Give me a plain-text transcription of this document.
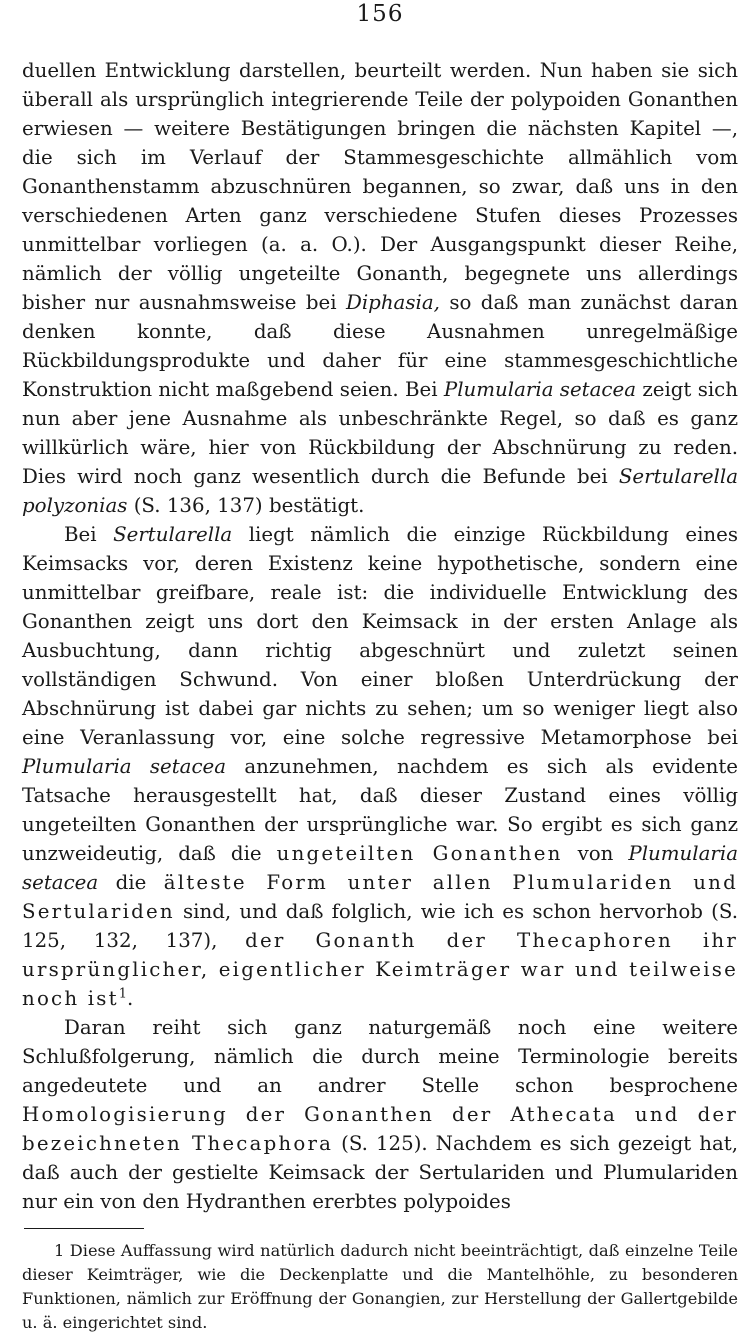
156

duellen Entwicklung darstellen, beurteilt werden. Nun haben sie sich überall als ursprünglich integrierende Teile der polypoiden Gonanthen erwiesen — weitere Bestätigungen bringen die nächsten Kapitel —, die sich im Verlauf der Stammesgeschichte allmählich vom Gonanthenstamm abzuschnüren begannen, so zwar, daß uns in den verschiedenen Arten ganz verschiedene Stufen dieses Prozesses unmittelbar vorliegen (a. a. O.). Der Ausgangspunkt dieser Reihe, nämlich der völlig ungeteilte Gonanth, begegnete uns allerdings bisher nur ausnahmsweise bei Diphasia, so daß man zunächst daran denken konnte, daß diese Ausnahmen unregelmäßige Rückbildungsprodukte und daher für eine stammesgeschichtliche Konstruktion nicht maßgebend seien. Bei Plumularia setacea zeigt sich nun aber jene Ausnahme als unbeschränkte Regel, so daß es ganz willkürlich wäre, hier von Rückbildung der Abschnürung zu reden. Dies wird noch ganz wesentlich durch die Befunde bei Sertularella polyzonias (S. 136, 137) bestätigt.

Bei Sertularella liegt nämlich die einzige Rückbildung eines Keimsacks vor, deren Existenz keine hypothetische, sondern eine unmittelbar greifbare, reale ist: die individuelle Entwicklung des Gonanthen zeigt uns dort den Keimsack in der ersten Anlage als Ausbuchtung, dann richtig abgeschnürt und zuletzt seinen vollständigen Schwund. Von einer bloßen Unterdrückung der Abschnürung ist dabei gar nichts zu sehen; um so weniger liegt also eine Veranlassung vor, eine solche regressive Metamorphose bei Plumularia setacea anzunehmen, nachdem es sich als evidente Tatsache herausgestellt hat, daß dieser Zustand eines völlig ungeteilten Gonanthen der ursprüngliche war. So ergibt es sich ganz unzweideutig, daß die ungeteilten Gonanthen von Plumularia setacea die älteste Form unter allen Plumulariden und Sertulariden sind, und daß folglich, wie ich es schon hervorhob (S. 125, 132, 137), der Gonanth der Thecaphoren ihr ursprünglicher, eigentlicher Keimträger war und teilweise noch ist$^1$.

Daran reiht sich ganz naturgemäß noch eine weitere Schlußfolgerung, nämlich die durch meine Terminologie bereits angedeutete und an andrer Stelle schon besprochene Homologisierung der Gonanthen der Athecata und der bezeichneten Thecaphora (S. 125). Nachdem es sich gezeigt hat, daß auch der gestielte Keimsack der Sertulariden und Plumulariden nur ein von den Hydranthen ererbtes polypoides

1 Diese Auffassung wird natürlich dadurch nicht beeinträchtigt, daß einzelne Teile dieser Keimträger, wie die Deckenplatte und die Mantelhöhle, zu besonderen Funktionen, nämlich zur Eröffnung der Gonangien, zur Herstellung der Gallertgebilde u. ä. eingerichtet sind.
